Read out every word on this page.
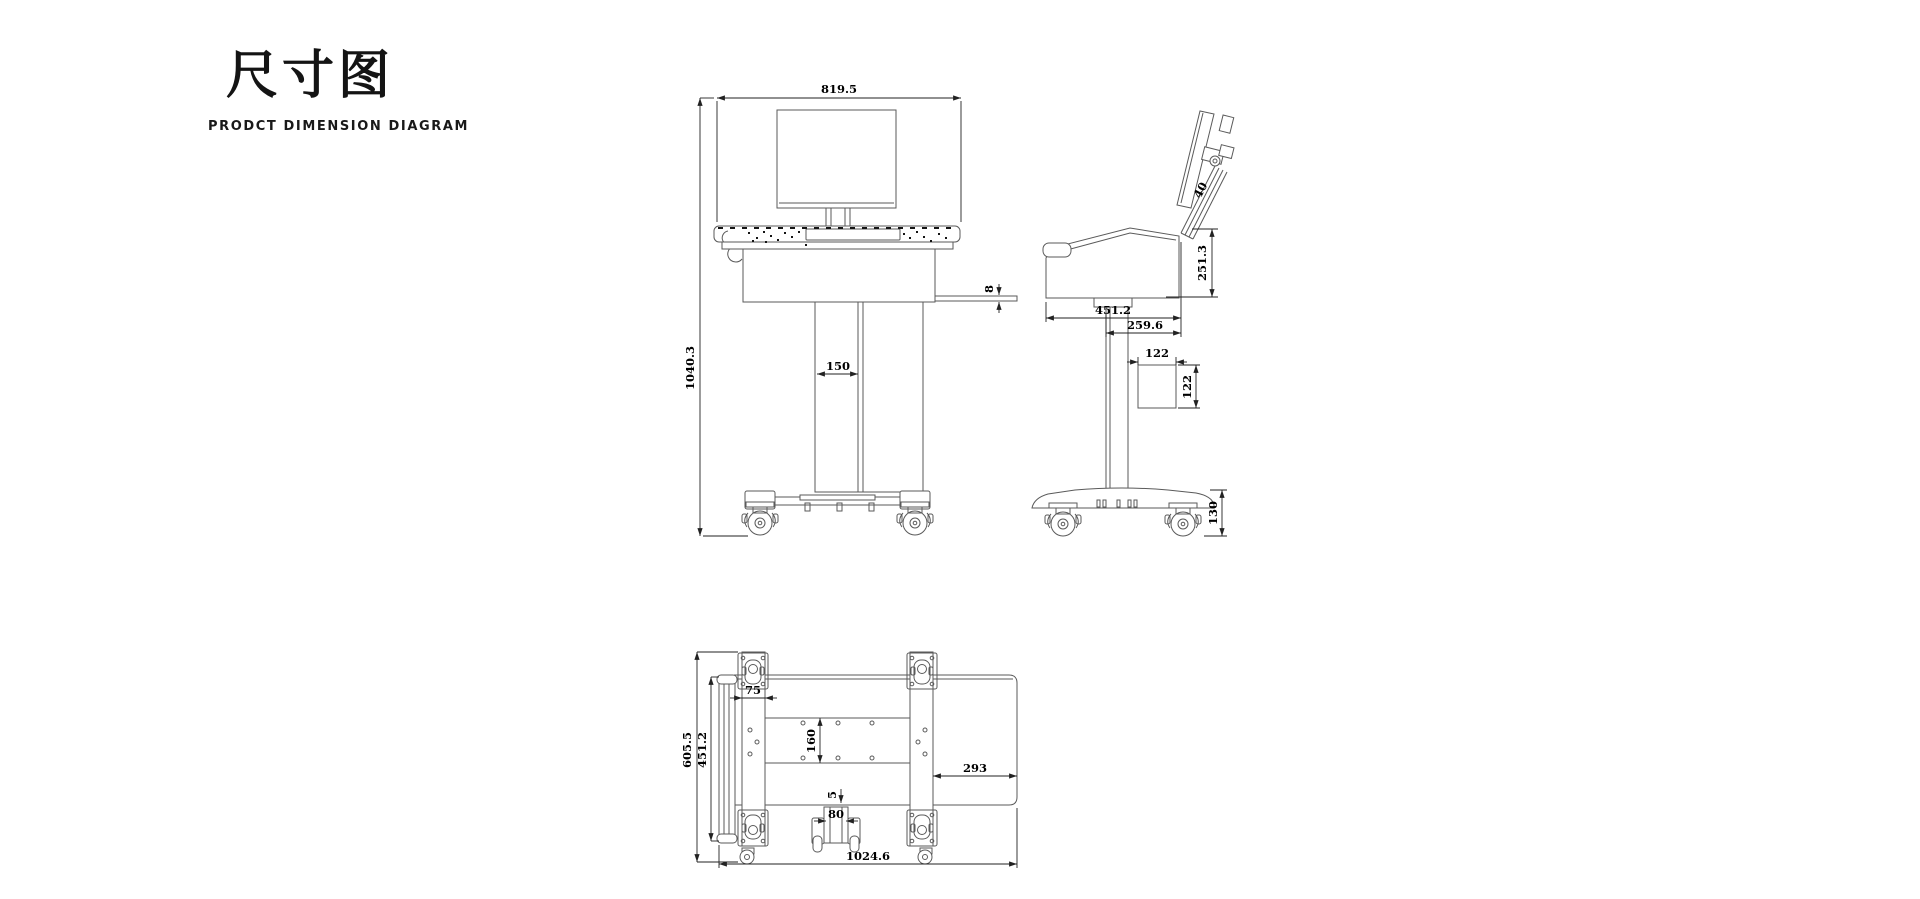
尺寸图
PRODCT DIMENSION DIAGRAM
819.5
1040.3	150
8
40
251.3
451.2
259.6
122
122
130
605.5 451.2
75
160
293
5
80
1024.6
